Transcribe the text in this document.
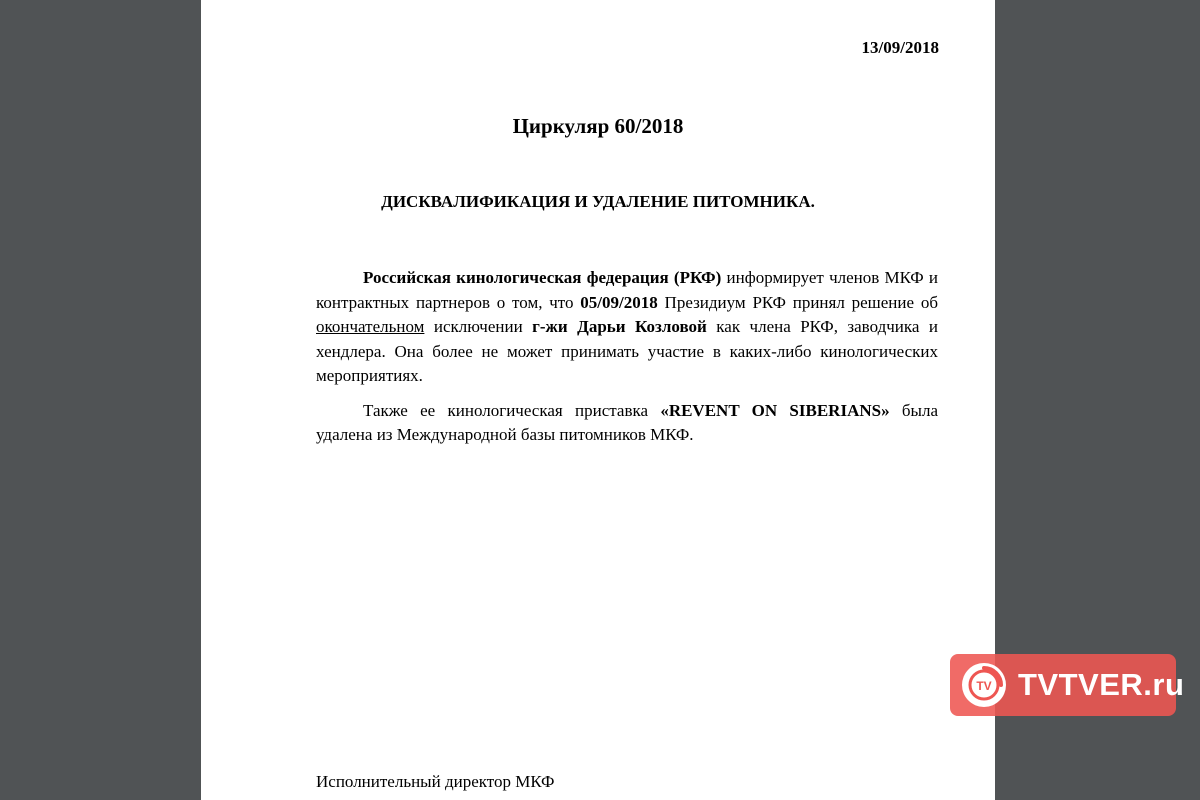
13/09/2018
Циркуляр 60/2018
ДИСКВАЛИФИКАЦИЯ И УДАЛЕНИЕ ПИТОМНИКА.

Российская кинологическая федерация (РКФ) информирует членов МКФ и контрактных партнеров о том, что 05/09/2018 Президиум РКФ принял решение об окончательном исключении г-жи Дарьи Козловой как члена РКФ, заводчика и хендлера. Она более не может принимать участие в каких-либо кинологических мероприятиях.

Также ее кинологическая приставка «REVENT ON SIBERIANS» была удалена из Международной базы питомников МКФ.

Исполнительный директор МКФ
TV TVTVER.ru
